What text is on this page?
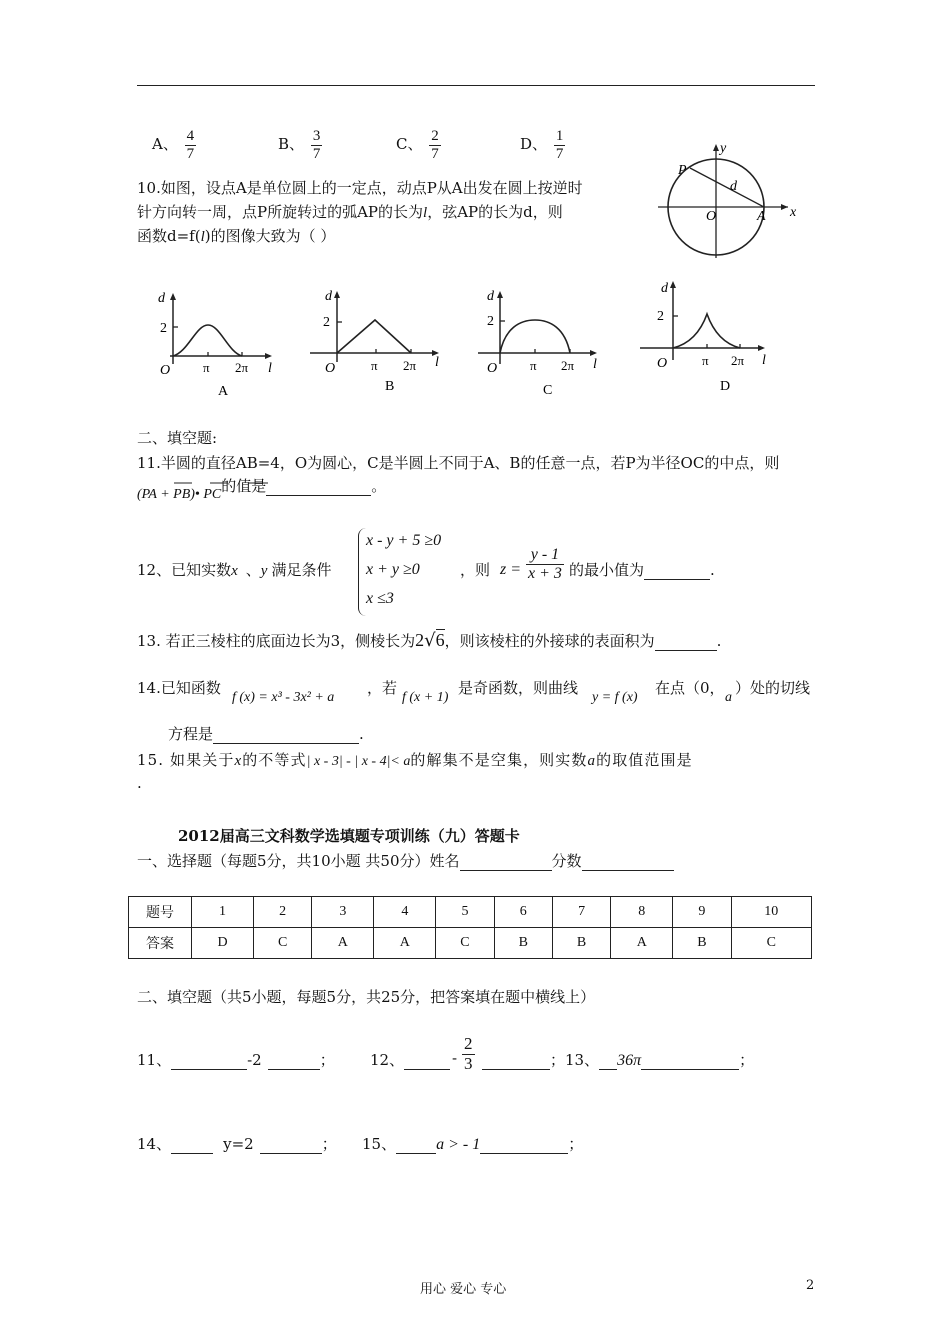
A、 $\frac{4}{7}$	B、 $\frac{3}{7}$	C、 $\frac{2}{7}$	D、 $\frac{1}{7}$
10.如图，设点A是单位圆上的一定点，动点P从A出发在圆上按逆时
针方向转一周，点P所旋转过的弧AP的长为l，弦AP的长为d，则
函数d=f(l)的图像大致为（ ）
y
x
P
d
O	A
d
2
O	π 2π l
A
d
2
O	π 2π l
B
d
2
O	π 2π l
C
d
2
O	π 2π l
D
二、填空题:
11.半圆的直径AB=4，O为圆心，C是半圆上不同于A、B的任意一点，若P为半径OC的中点，则
(PA + PB)• PC的值是	。
12、已知实数x 、y 满足条件
x - y + 5 ≥0
x + y ≥0
x ≤3
，则 $z = \frac{y - 1}{x + 3}$ 的最小值为	.
13. 若正三棱柱的底面边长为3，侧棱长为2√6，则该棱柱的外接球的表面积为	.
14.已知函数
f (x) = x³ - 3x² + a
，若
f (x + 1)
是奇函数，则曲线
y = f (x)
在点（0，
a
）处的切线
方程是	.
15. 如果关于x的不等式| x - 3| - | x - 4|< a的解集不是空集，则实数a的取值范围是
.
2012届高三文科数学选填题专项训练（九）答题卡
一、选择题（每题5分，共10小题 共50分）姓名	分数
题号	1	2	3	4	5	6	7	8	9	10
答案	D	C	A	A	C	B	B	A	B	C
二、填空题（共5小题，每题5分，共25分，把答案填在题中横线上）
11、	-2	； 12、	- $\frac{2}{3}$	；13、 36π	；
14、	y=2	； 15、	a > - 1	；
用心 爱心 专心	2
